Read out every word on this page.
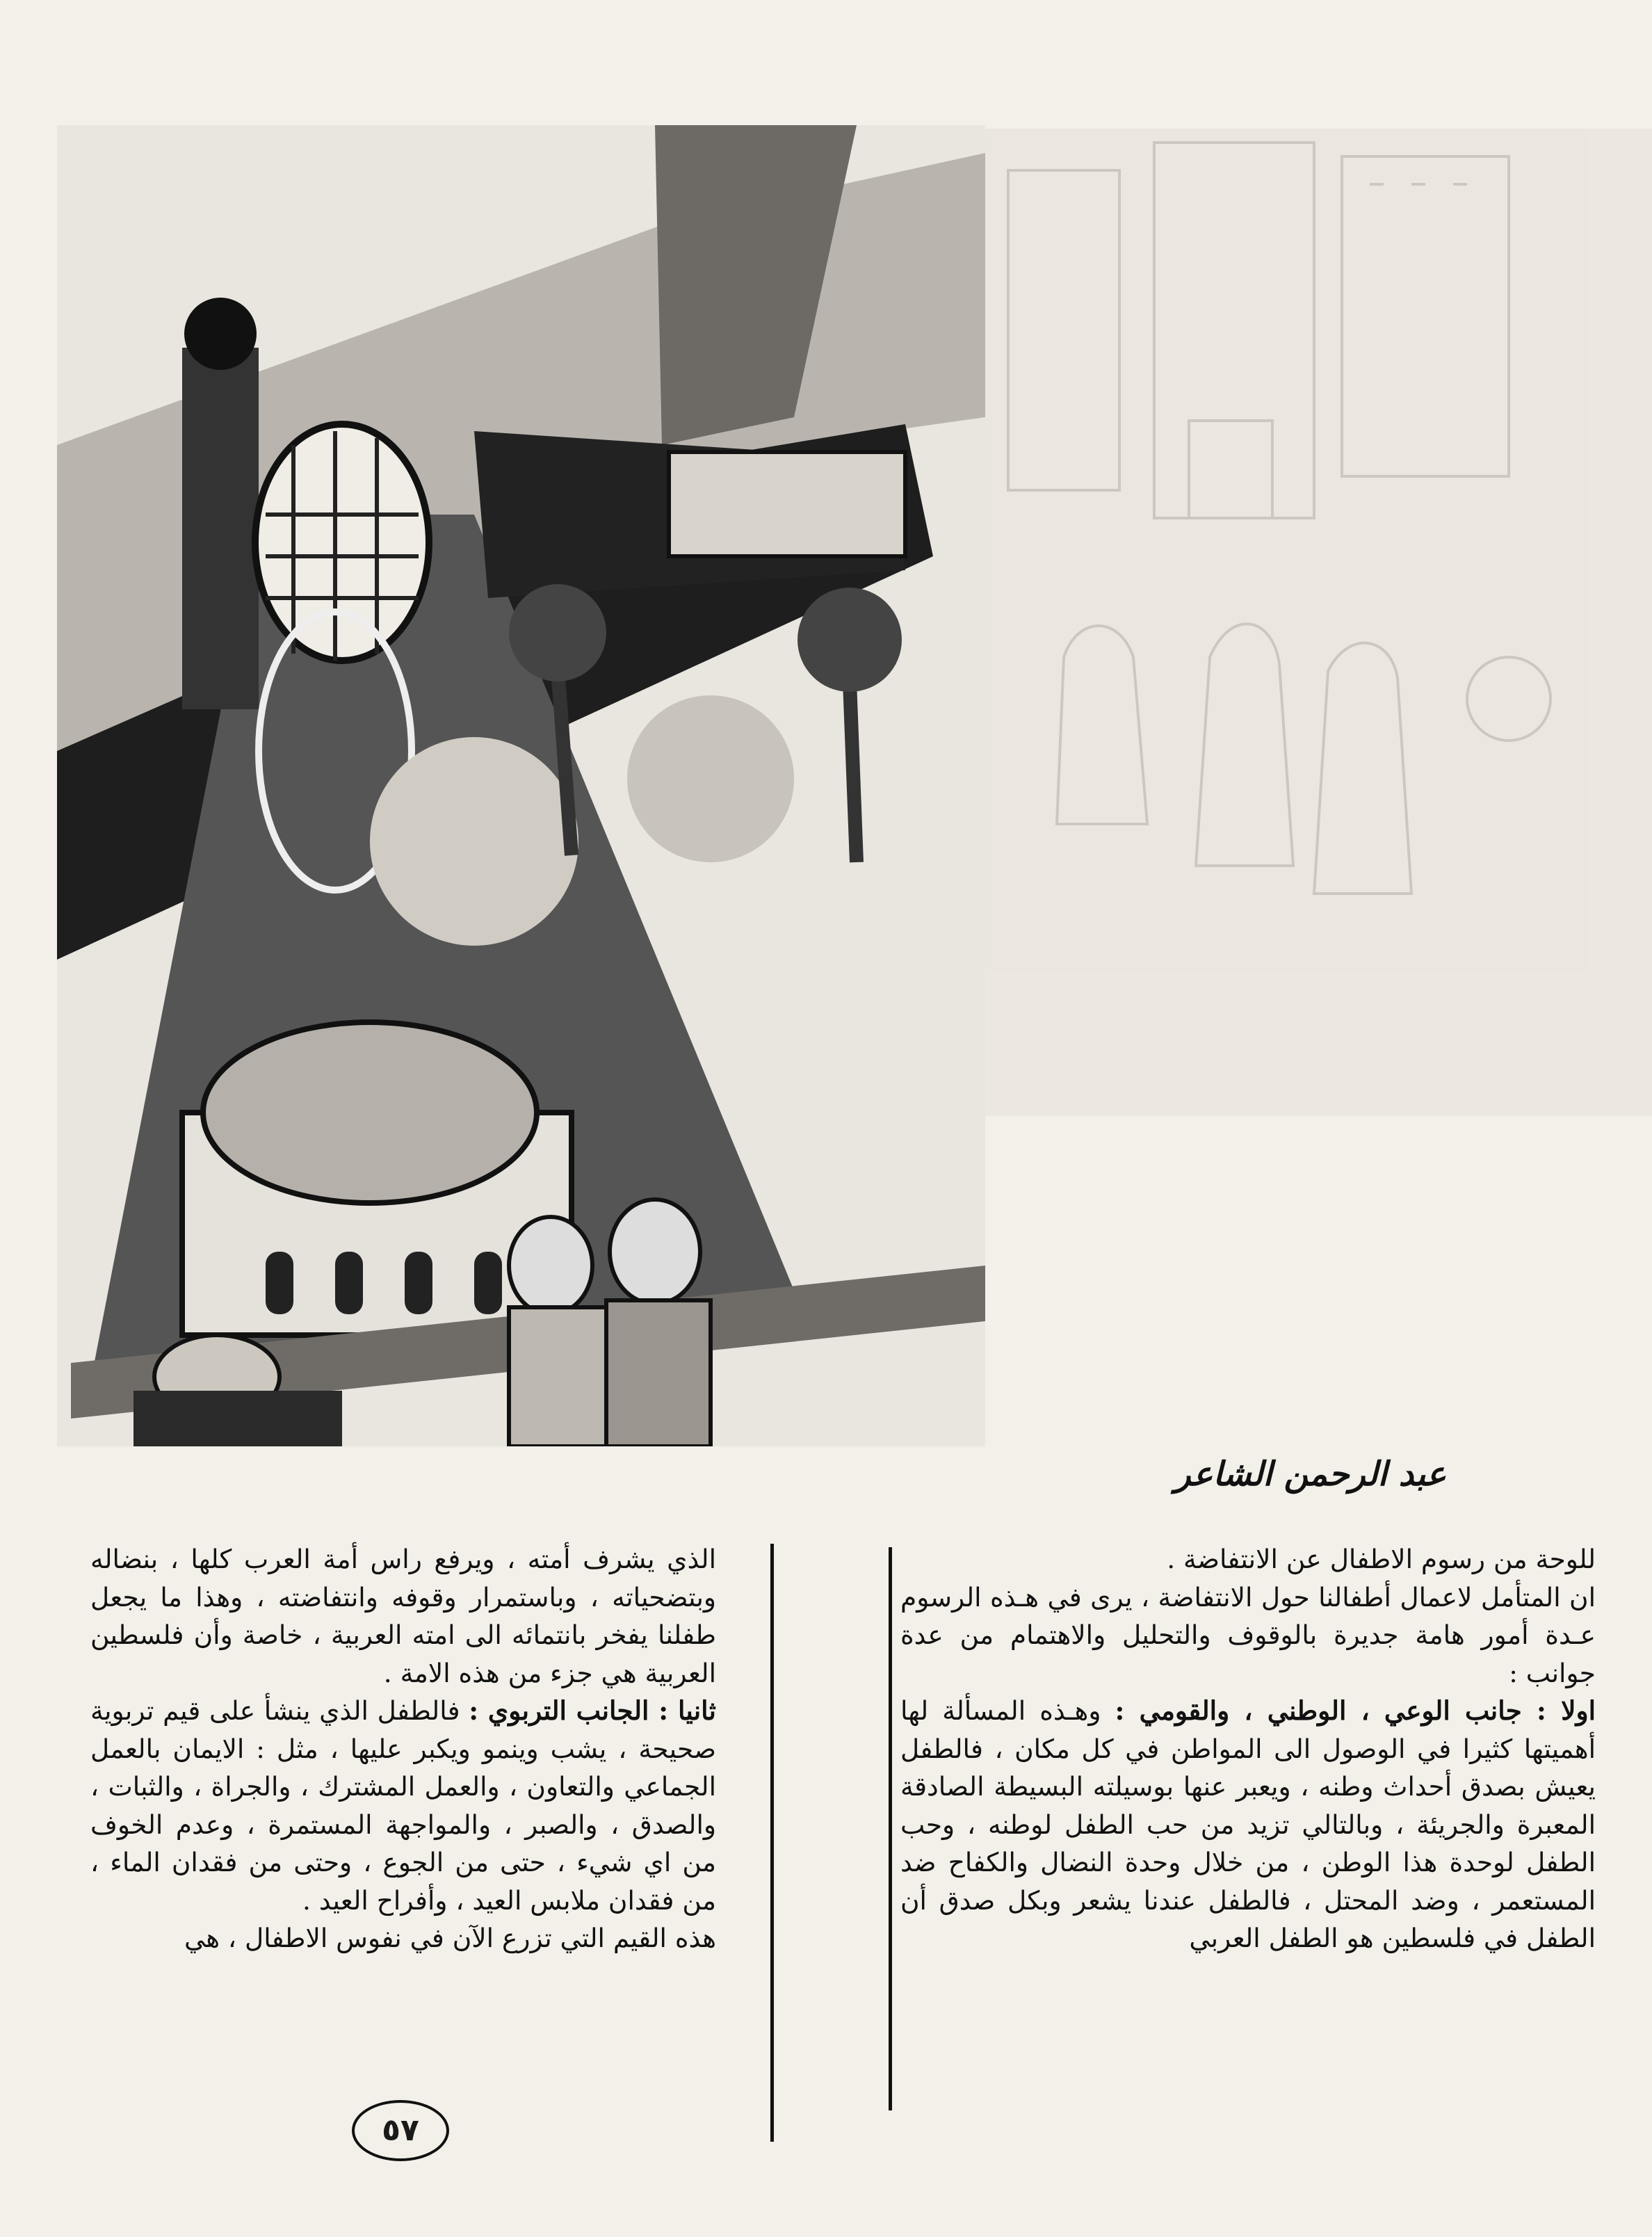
عبد الرحمن الشاعر

للوحة من رسوم الاطفال عن الانتفاضة .

ان المتأمل لاعمال أطفالنا حول الانتفاضة ، يرى في هـذه الرسوم عـدة أمور هامة جديرة بالوقوف والتحليل والاهتمام من عدة جوانب :

اولا : جانب الوعي ، الوطني ، والقومي : وهـذه المسألة لها أهميتها كثيرا في الوصول الى المواطن في كل مكان ، فالطفل يعيش بصدق أحداث وطنه ، ويعبر عنها بوسيلته البسيطة الصادقة المعبرة والجريئة ، وبالتالي تزيد من حب الطفل لوطنه ، وحب الطفل لوحدة هذا الوطن ، من خلال وحدة النضال والكفاح ضد المستعمر ، وضد المحتل ، فالطفل عندنا يشعر وبكل صدق أن الطفل في فلسطين هو الطفل العربي

الذي يشرف أمته ، ويرفع راس أمة العرب كلها ، بنضاله وبتضحياته ، وباستمرار وقوفه وانتفاضته ، وهذا ما يجعل طفلنا يفخر بانتمائه الى امته العربية ، خاصة وأن فلسطين العربية هي جزء من هذه الامة .

ثانيا : الجانب التربوي : فالطفل الذي ينشأ على قيم تربوية صحيحة ، يشب وينمو ويكبر عليها ، مثل : الايمان بالعمل الجماعي والتعاون ، والعمل المشترك ، والجراة ، والثبات ، والصدق ، والصبر ، والمواجهة المستمرة ، وعدم الخوف من اي شيء ، حتى من الجوع ، وحتى من فقدان الماء ، من فقدان ملابس العيد ، وأفراح العيد .

هذه القيم التي تزرع الآن في نفوس الاطفال ، هي

٥٧
